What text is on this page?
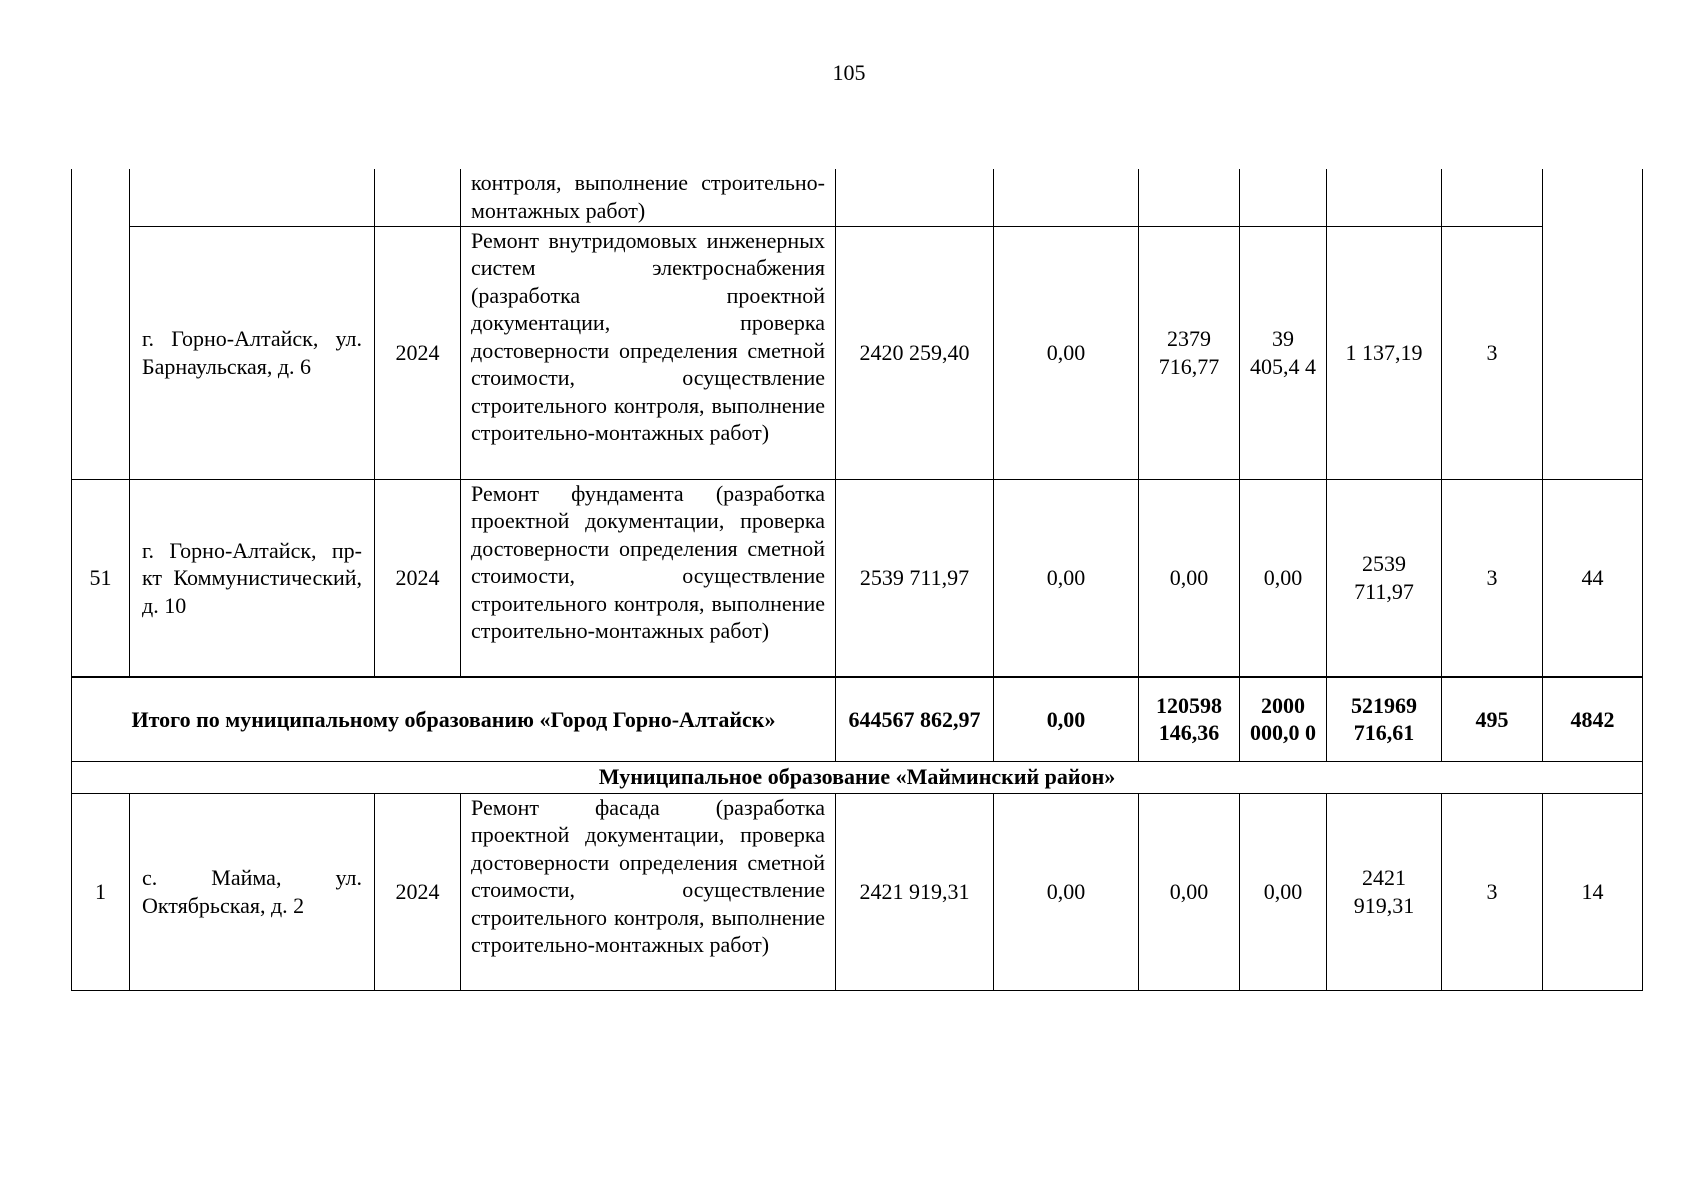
105
			контроля, выполнение строительно-монтажных работ)							
	г. Горно-Алтайск, ул. Барнаульская, д. 6	2024	Ремонт внутридомовых инженерных систем электроснабжения (разработка проектной документации, проверка достоверности определения сметной стоимости, осуществление строительного контроля, выполнение строительно-монтажных работ)	2420 259,40	0,00	2379 716,77	39 405,4 4	1 137,19	3	
51	г. Горно-Алтайск, пр-кт Коммунистический, д. 10	2024	Ремонт фундамента (разработка проектной документации, проверка достоверности определения сметной стоимости, осуществление строительного контроля, выполнение строительно-монтажных работ)	2539 711,97	0,00	0,00	0,00	2539 711,97	3	44
Итого по муниципальному образованию «Город Горно-Алтайск»				644567 862,97	0,00	120598 146,36	2000 000,0 0	521969 716,61	495	4842
Муниципальное образование «Майминский район»										
1	с. Майма, ул. Октябрьская, д. 2	2024	Ремонт фасада (разработка проектной документации, проверка достоверности определения сметной стоимости, осуществление строительного контроля, выполнение строительно-монтажных работ)	2421 919,31	0,00	0,00	0,00	2421 919,31	3	14
